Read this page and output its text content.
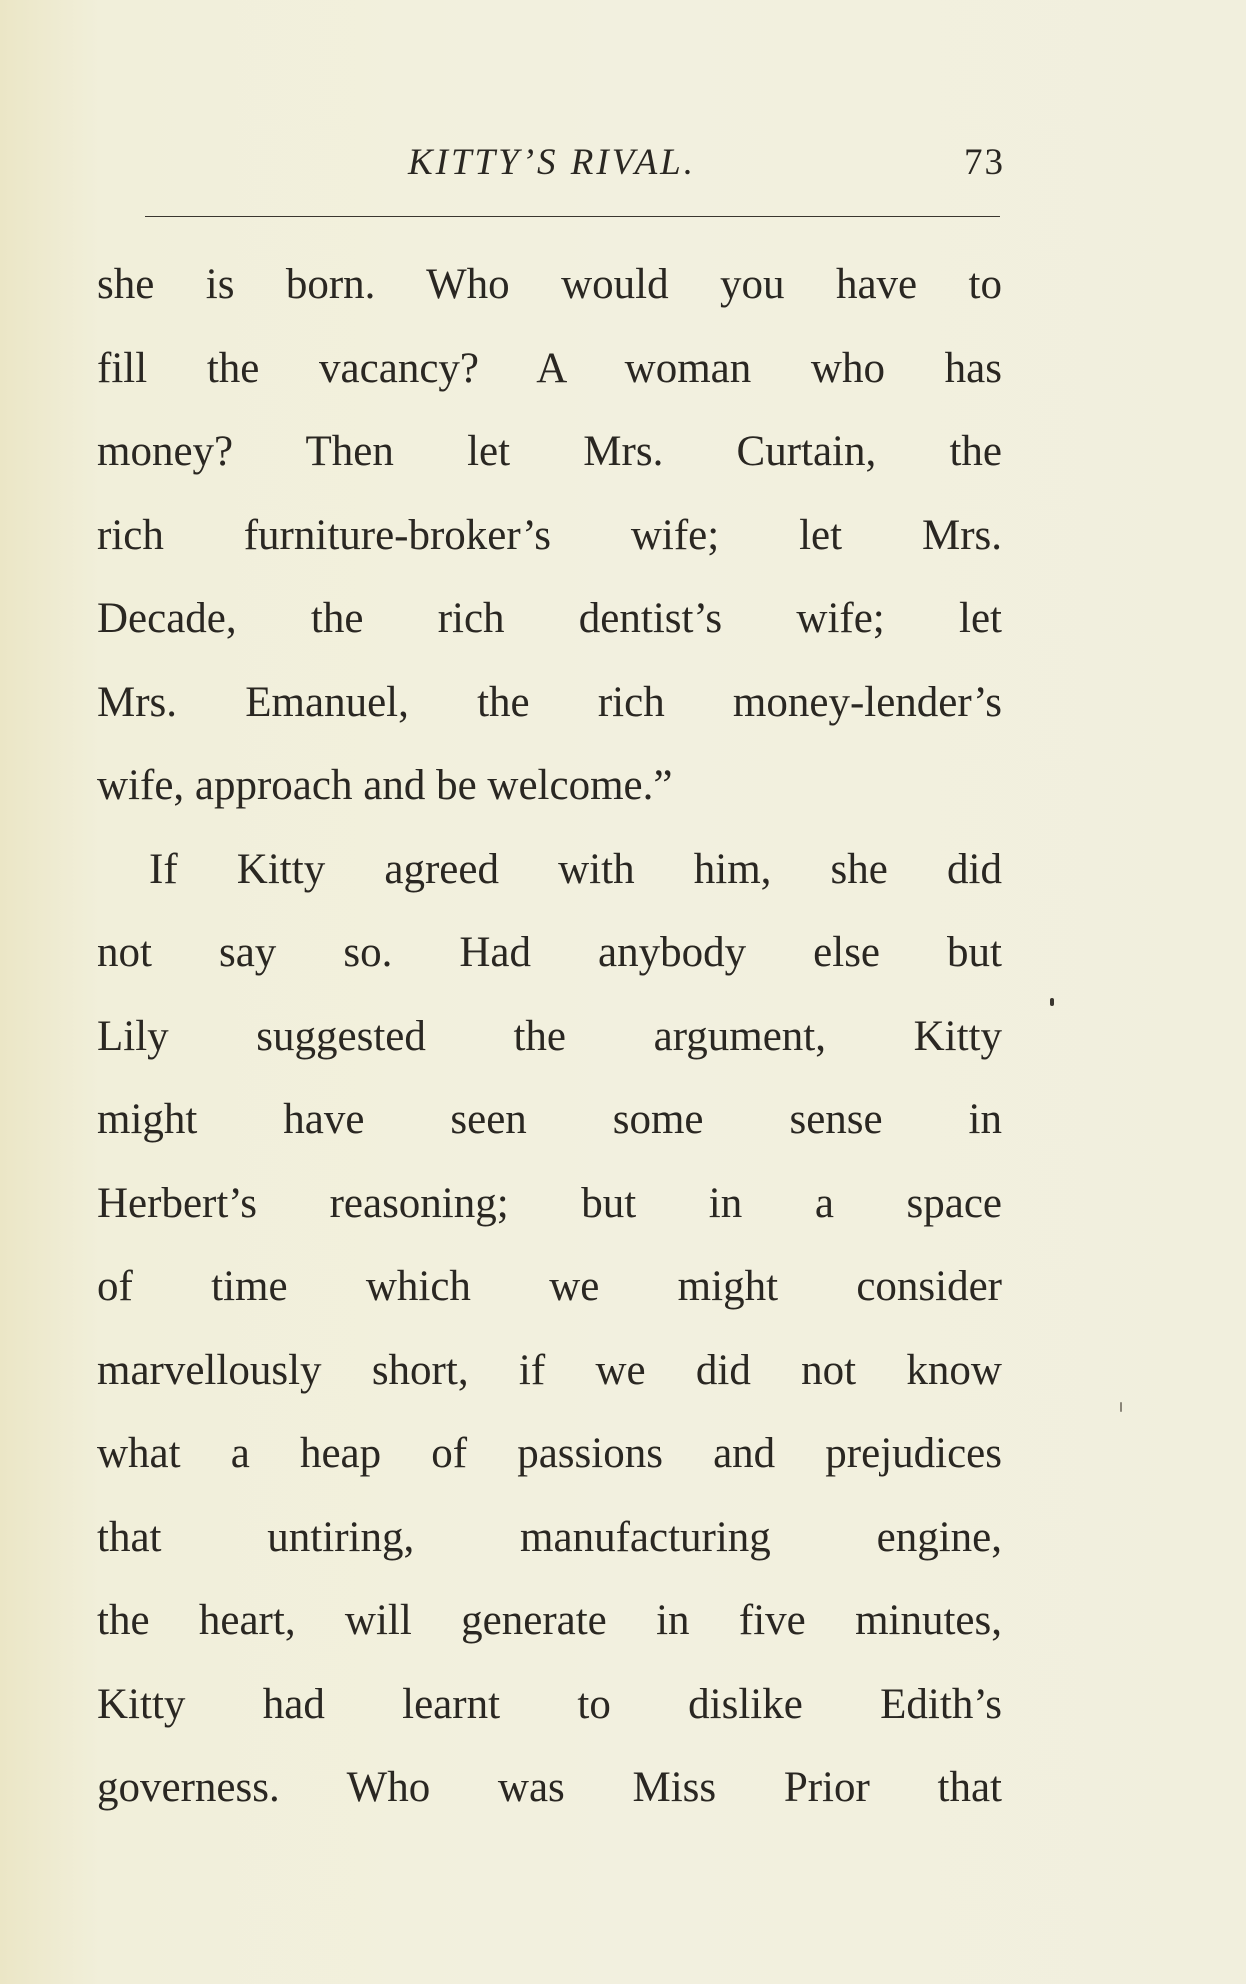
KITTY’S RIVAL.	73
she is born. Who would you have to
fill the vacancy? A woman who has
money? Then let Mrs. Curtain, the
rich furniture-broker’s wife; let Mrs.
Decade, the rich dentist’s wife; let
Mrs. Emanuel, the rich money-lender’s
wife, approach and be welcome.”
If Kitty agreed with him, she did
not say so. Had anybody else but
Lily suggested the argument, Kitty
might have seen some sense in
Herbert’s reasoning; but in a space
of time which we might consider
marvellously short, if we did not know
what a heap of passions and prejudices
that untiring, manufacturing engine,
the heart, will generate in five minutes,
Kitty had learnt to dislike Edith’s
governess. Who was Miss Prior that
